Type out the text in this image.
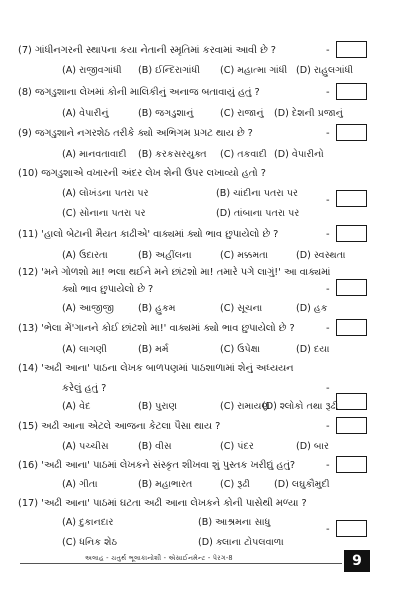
(7) ગાંધીનગરની સ્થાપના કયા નેતાની સ્મૃતિમાં કરવામાં આવી છે ?	-
(A) રાજીવગાંધી (B) ઈન્દિરાગાંધી (C) મહાત્મા ગાંધી (D) રાહુલગાંધી
(8) જગડુશાના લેખમાં કોની માલિકીનું અનાજ બતાવાયું હતું ?	-
(A) વેપારીનું	(B) જગડુશાનું	(C) રાજાનું (D) દેશની પ્રજાનું
(9) જગડુશાને નગરશેઠ તરીકે ક્યો અભિગમ પ્રગટ થાય છે ?	-
(A) માનવતાવાદી (B) કરકસરયુક્ત (C) તકવાદી (D) વેપારીનો
(10) જગડુશાએ વખારની અંદર લેખ શેની ઉપર લખાવ્યો હતો ?
(A) લોખંડના પતરા પર	(B) ચાંદીના પતરા પર
(C) સોનાના પતરા પર	(D) તાંબાના પતરા પર
-
(11) 'હાલો બેટાની મૈયત કાઢીએ' વાક્યમાં ક્યો ભાવ છુપાયેલો છે ?	-
(A) ઉદારતા	(B) અહીંલના	(C) મક્કમતા	(D) સ્વસ્થતા
(12) 'મને ગોળશો મા! ભલા થઈને મને છાંટશો મા! તમારે પગે લાગું!' આ વાક્યમાં
ક્યો ભાવ છુપાયેલો છે ?	-
(A) આજીજી (B) હુકમ	(C) સૂચના	(D) હક
(13) 'ભેલા મેં'ગાનને કોઈ છાંટશો મા!' વાક્યમાં ક્યો ભાવ છુપાયેલો છે ?	-
(A) લાગણી	(B) મર્મ	(C) ઉપેક્ષા	(D) દયા
(14) 'અઢી આના' પાઠના લેખક બાળપણમાં પાઠશાળામાં શેનું અધ્યયન
કરેલું હતું ?	-
(A) વેદ	(B) પુરાણ	(C) રામાયણ
(D) શ્લોકો તથા રૂઢી
(15) અઢી આના એટલે આજના કેટલા પૈસા થાય ?	-
(A) પચ્ચીસ	(B) વીસ	(C) પંદર	(D) બાર
(16) 'અઢી આના' પાઠમાં લેખકને સંસ્કૃત શીખવા શું પુસ્તક ખરીદ્યું હતું?	-
(A) ગીતા	(B) મહાભારત	(C) રૂઢી	(D) લઘુકૌમુદી
(17) 'અઢી આના' પાઠમાં ઘટતા અઢી આના લેખકને કોની પાસેથી મળ્યા ?
(A) દુકાનદાર	(B) આશ્રમના સાધુ
(C) ધનિક શેઠ	(D) ક્લાના ટોપલવાળા
-
અલાહ - ચતુર્થ ભૂલાકાનોશી - એસાઈનમેન્ટ - પેરગ-8	9
